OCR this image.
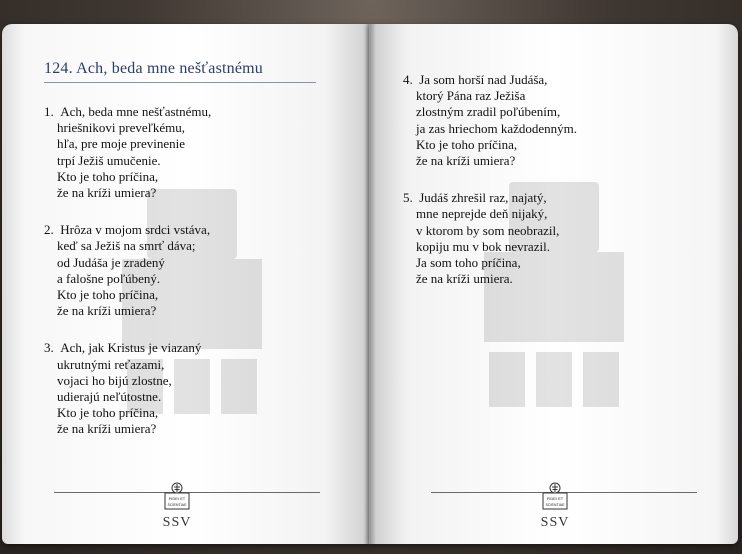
124. Ach, beda mne nešťastnému
1. Ach, beda mne nešťastnému,
hriešnikovi preveľkému,
hľa, pre moje previnenie
trpí Ježiš umučenie.
Kto je toho príčina,
že na kríži umiera?
2. Hrôza v mojom srdci vstáva,
keď sa Ježiš na smrť dáva;
od Judáša je zradený
a falošne poľúbený.
Kto je toho príčina,
že na kríži umiera?
3. Ach, jak Kristus je viazaný
ukrutnými reťazami,
vojaci ho bijú zlostne,
udierajú neľútostne.
Kto je toho príčina,
že na kríži umiera?
FIDEI ET
SCIENTIAE
SSV
4. Ja som horší nad Judáša,
ktorý Pána raz Ježiša
zlostným zradil poľúbením,
ja zas hriechom každodenným.
Kto je toho príčina,
že na kríži umiera?
5. Judáš zhrešil raz, najatý,
mne neprejde deň nijaký,
v ktorom by som neobrazil,
kopiju mu v bok nevrazil.
Ja som toho príčina,
že na kríži umiera.
FIDEI ET
SCIENTIAE
SSV
